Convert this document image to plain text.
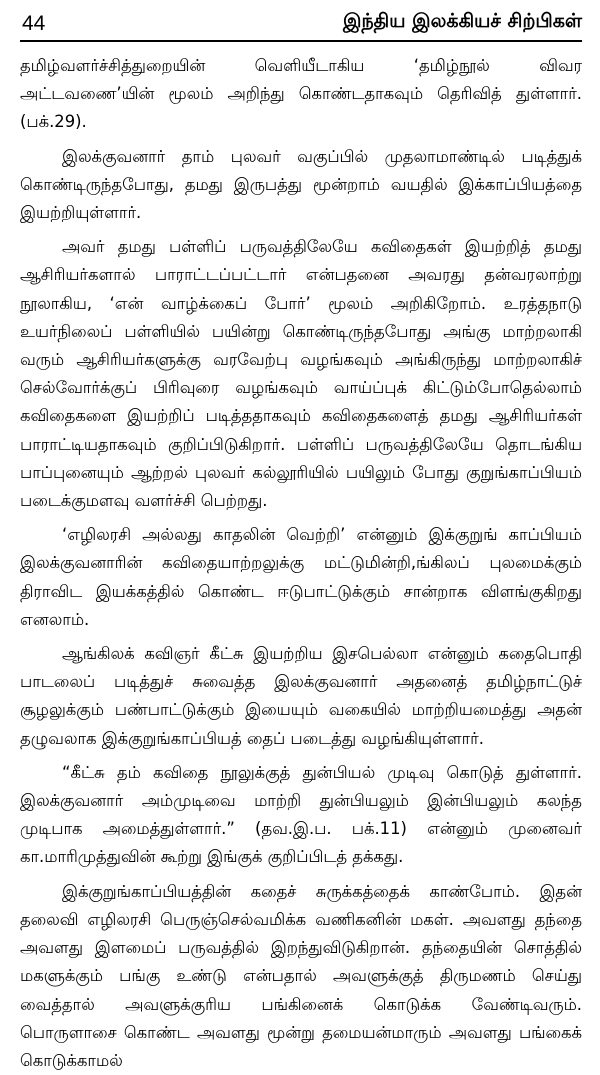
44	இந்திய இலக்கியச் சிற்பிகள்

தமிழ்வளர்ச்சித்துறையின் வெளியீடாகிய ‘தமிழ்நூல் விவர அட்டவணை’யின் மூலம் அறிந்து கொண்டதாகவும் தெரிவித் துள்ளார். (பக்.29).

இலக்குவனார் தாம் புலவர் வகுப்பில் முதலாமாண்டில் படித்துக் கொண்டிருந்தபோது, தமது இருபத்து மூன்றாம் வயதில் இக்காப்பியத்தை இயற்றியுள்ளார்.

அவர் தமது பள்ளிப் பருவத்திலேயே கவிதைகள் இயற்றித் தமது ஆசிரியர்களால் பாராட்டப்பட்டார் என்பதனை அவரது தன்வரலாற்று நூலாகிய, ‘என் வாழ்க்கைப் போர்’ மூலம் அறிகிறோம். உரத்தநாடு உயர்நிலைப் பள்ளியில் பயின்று கொண்டிருந்தபோது அங்கு மாற்றலாகி வரும் ஆசிரியர்களுக்கு வரவேற்பு வழங்கவும் அங்கிருந்து மாற்றலாகிச் செல்வோர்க்குப் பிரிவுரை வழங்கவும் வாய்ப்புக் கிட்டும்போதெல்லாம் கவிதைகளை இயற்றிப் படித்ததாகவும் கவிதைகளைத் தமது ஆசிரியர்கள் பாராட்டியதாகவும் குறிப்பிடுகிறார். பள்ளிப் பருவத்திலேயே தொடங்கிய பாப்புனையும் ஆற்றல் புலவர் கல்லூரியில் பயிலும் போது குறுங்காப்பியம் படைக்குமளவு வளர்ச்சி பெற்றது.

‘எழிலரசி அல்லது காதலின் வெற்றி’ என்னும் இக்குறுங் காப்பியம் இலக்குவனாரின் கவிதையாற்றலுக்கு மட்டுமின்றி,ங்கிலப் புலமைக்கும் திராவிட இயக்கத்தில் கொண்ட ஈடுபாட்டுக்கும் சான்றாக விளங்குகிறது எனலாம்.

ஆங்கிலக் கவிஞர் கீட்சு இயற்றிய இசபெல்லா என்னும் கதைபொதி பாடலைப் படித்துச் சுவைத்த இலக்குவனார் அதனைத் தமிழ்நாட்டுச் சூழலுக்கும் பண்பாட்டுக்கும் இயையும் வகையில் மாற்றியமைத்து அதன் தழுவலாக இக்குறுங்காப்பியத் தைப் படைத்து வழங்கியுள்ளார்.

“கீட்சு தம் கவிதை நூலுக்குத் துன்பியல் முடிவு கொடுத் துள்ளார். இலக்குவனார் அம்முடிவை மாற்றி துன்பியலும் இன்பியலும் கலந்த முடிபாக அமைத்துள்ளார்.” (தவ.இ.ப. பக்.11) என்னும் முனைவர் கா.மாரிமுத்துவின் கூற்று இங்குக் குறிப்பிடத் தக்கது.

இக்குறுங்காப்பியத்தின் கதைச் சுருக்கத்தைக் காண்போம். இதன் தலைவி எழிலரசி பெருஞ்செல்வமிக்க வணிகனின் மகள். அவளது தந்தை அவளது இளமைப் பருவத்தில் இறந்துவிடுகிறான். தந்தையின் சொத்தில் மகளுக்கும் பங்கு உண்டு என்பதால் அவளுக்குத் திருமணம் செய்து வைத்தால் அவளுக்குரிய பங்கினைக் கொடுக்க வேண்டிவரும். பொருளாசை கொண்ட அவளது மூன்று தமையன்மாரும் அவளது பங்கைக் கொடுக்காமல்
